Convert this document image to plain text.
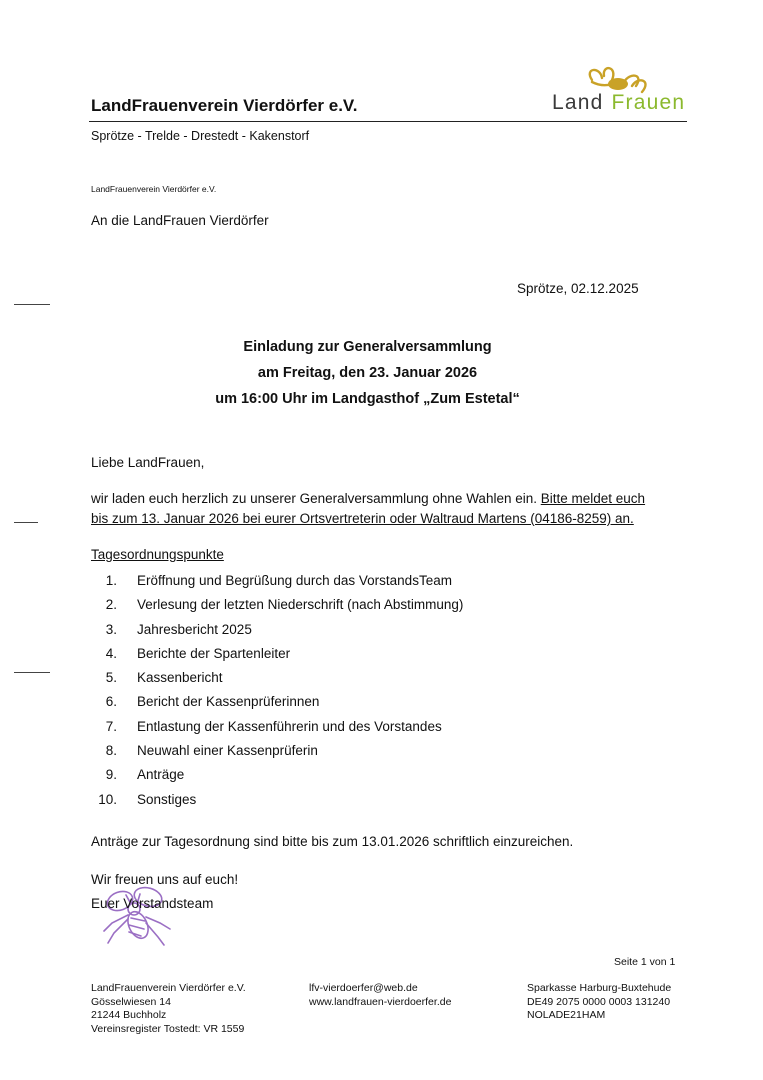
LandFrauenverein Vierdörfer e.V.	Land Frauen
Sprötze - Trelde - Drestedt - Kakenstorf
LandFrauenverein Vierdörfer e.V.
An die LandFrauen Vierdörfer
Sprötze, 02.12.2025
Einladung zur Generalversammlung
am Freitag, den 23. Januar 2026
um 16:00 Uhr im Landgasthof „Zum Estetal“
Liebe LandFrauen,
wir laden euch herzlich zu unserer Generalversammlung ohne Wahlen ein. Bitte meldet euch
bis zum 13. Januar 2026 bei eurer Ortsvertreterin oder Waltraud Martens (04186-8259) an.
Tagesordnungspunkte
1. Eröffnung und Begrüßung durch das VorstandsTeam
2. Verlesung der letzten Niederschrift (nach Abstimmung)
3. Jahresbericht 2025
4. Berichte der Spartenleiter
5. Kassenbericht
6. Bericht der Kassenprüferinnen
7. Entlastung der Kassenführerin und des Vorstandes
8. Neuwahl einer Kassenprüferin
9. Anträge
10. Sonstiges
Anträge zur Tagesordnung sind bitte bis zum 13.01.2026 schriftlich einzureichen.
Wir freuen uns auf euch!
Euer Vorstandsteam
Seite 1 von 1
LandFrauenverein Vierdörfer e.V.
Gösselwiesen 14
21244 Buchholz
Vereinsregister Tostedt: VR 1559
lfv-vierdoerfer@web.de
www.landfrauen-vierdoerfer.de
Sparkasse Harburg-Buxtehude
DE49 2075 0000 0003 131240
NOLADE21HAM
